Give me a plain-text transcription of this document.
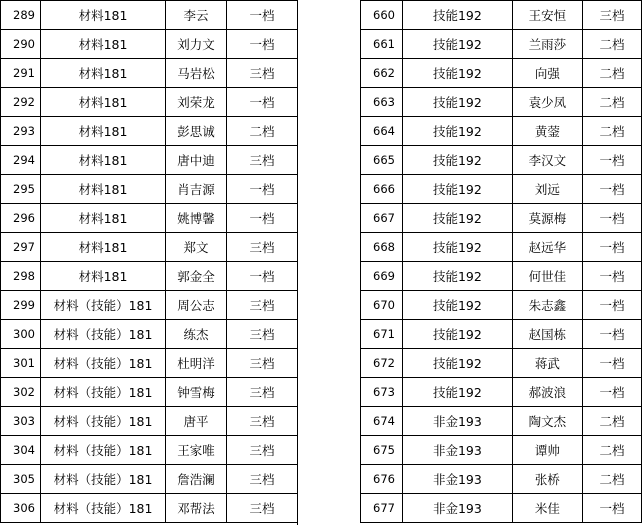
289	材料181	李云	一档
290	材料181	刘力文	一档
291	材料181	马岩松	三档
292	材料181	刘荣龙	一档
293	材料181	彭思诚	二档
294	材料181	唐中迪	三档
295	材料181	肖吉源	一档
296	材料181	姚博馨	一档
297	材料181	郑文	三档
298	材料181	郭金全	一档
299	材料（技能）181	周公志	三档
300	材料（技能）181	练杰	三档
301	材料（技能）181	杜明洋	三档
302	材料（技能）181	钟雪梅	三档
303	材料（技能）181	唐平	三档
304	材料（技能）181	王家唯	三档
305	材料（技能）181	詹浩澜	三档
306	材料（技能）181	邓帮法	三档
660	技能192	王安恒	三档
661	技能192	兰雨莎	二档
662	技能192	向强	二档
663	技能192	袁少凤	二档
664	技能192	黄蓥	二档
665	技能192	李汉文	一档
666	技能192	刘远	一档
667	技能192	莫源梅	一档
668	技能192	赵远华	一档
669	技能192	何世佳	一档
670	技能192	朱志鑫	一档
671	技能192	赵国栋	一档
672	技能192	蒋武	一档
673	技能192	郝波浪	一档
674	非金193	陶文杰	二档
675	非金193	谭帅	二档
676	非金193	张桥	二档
677	非金193	米佳	一档
